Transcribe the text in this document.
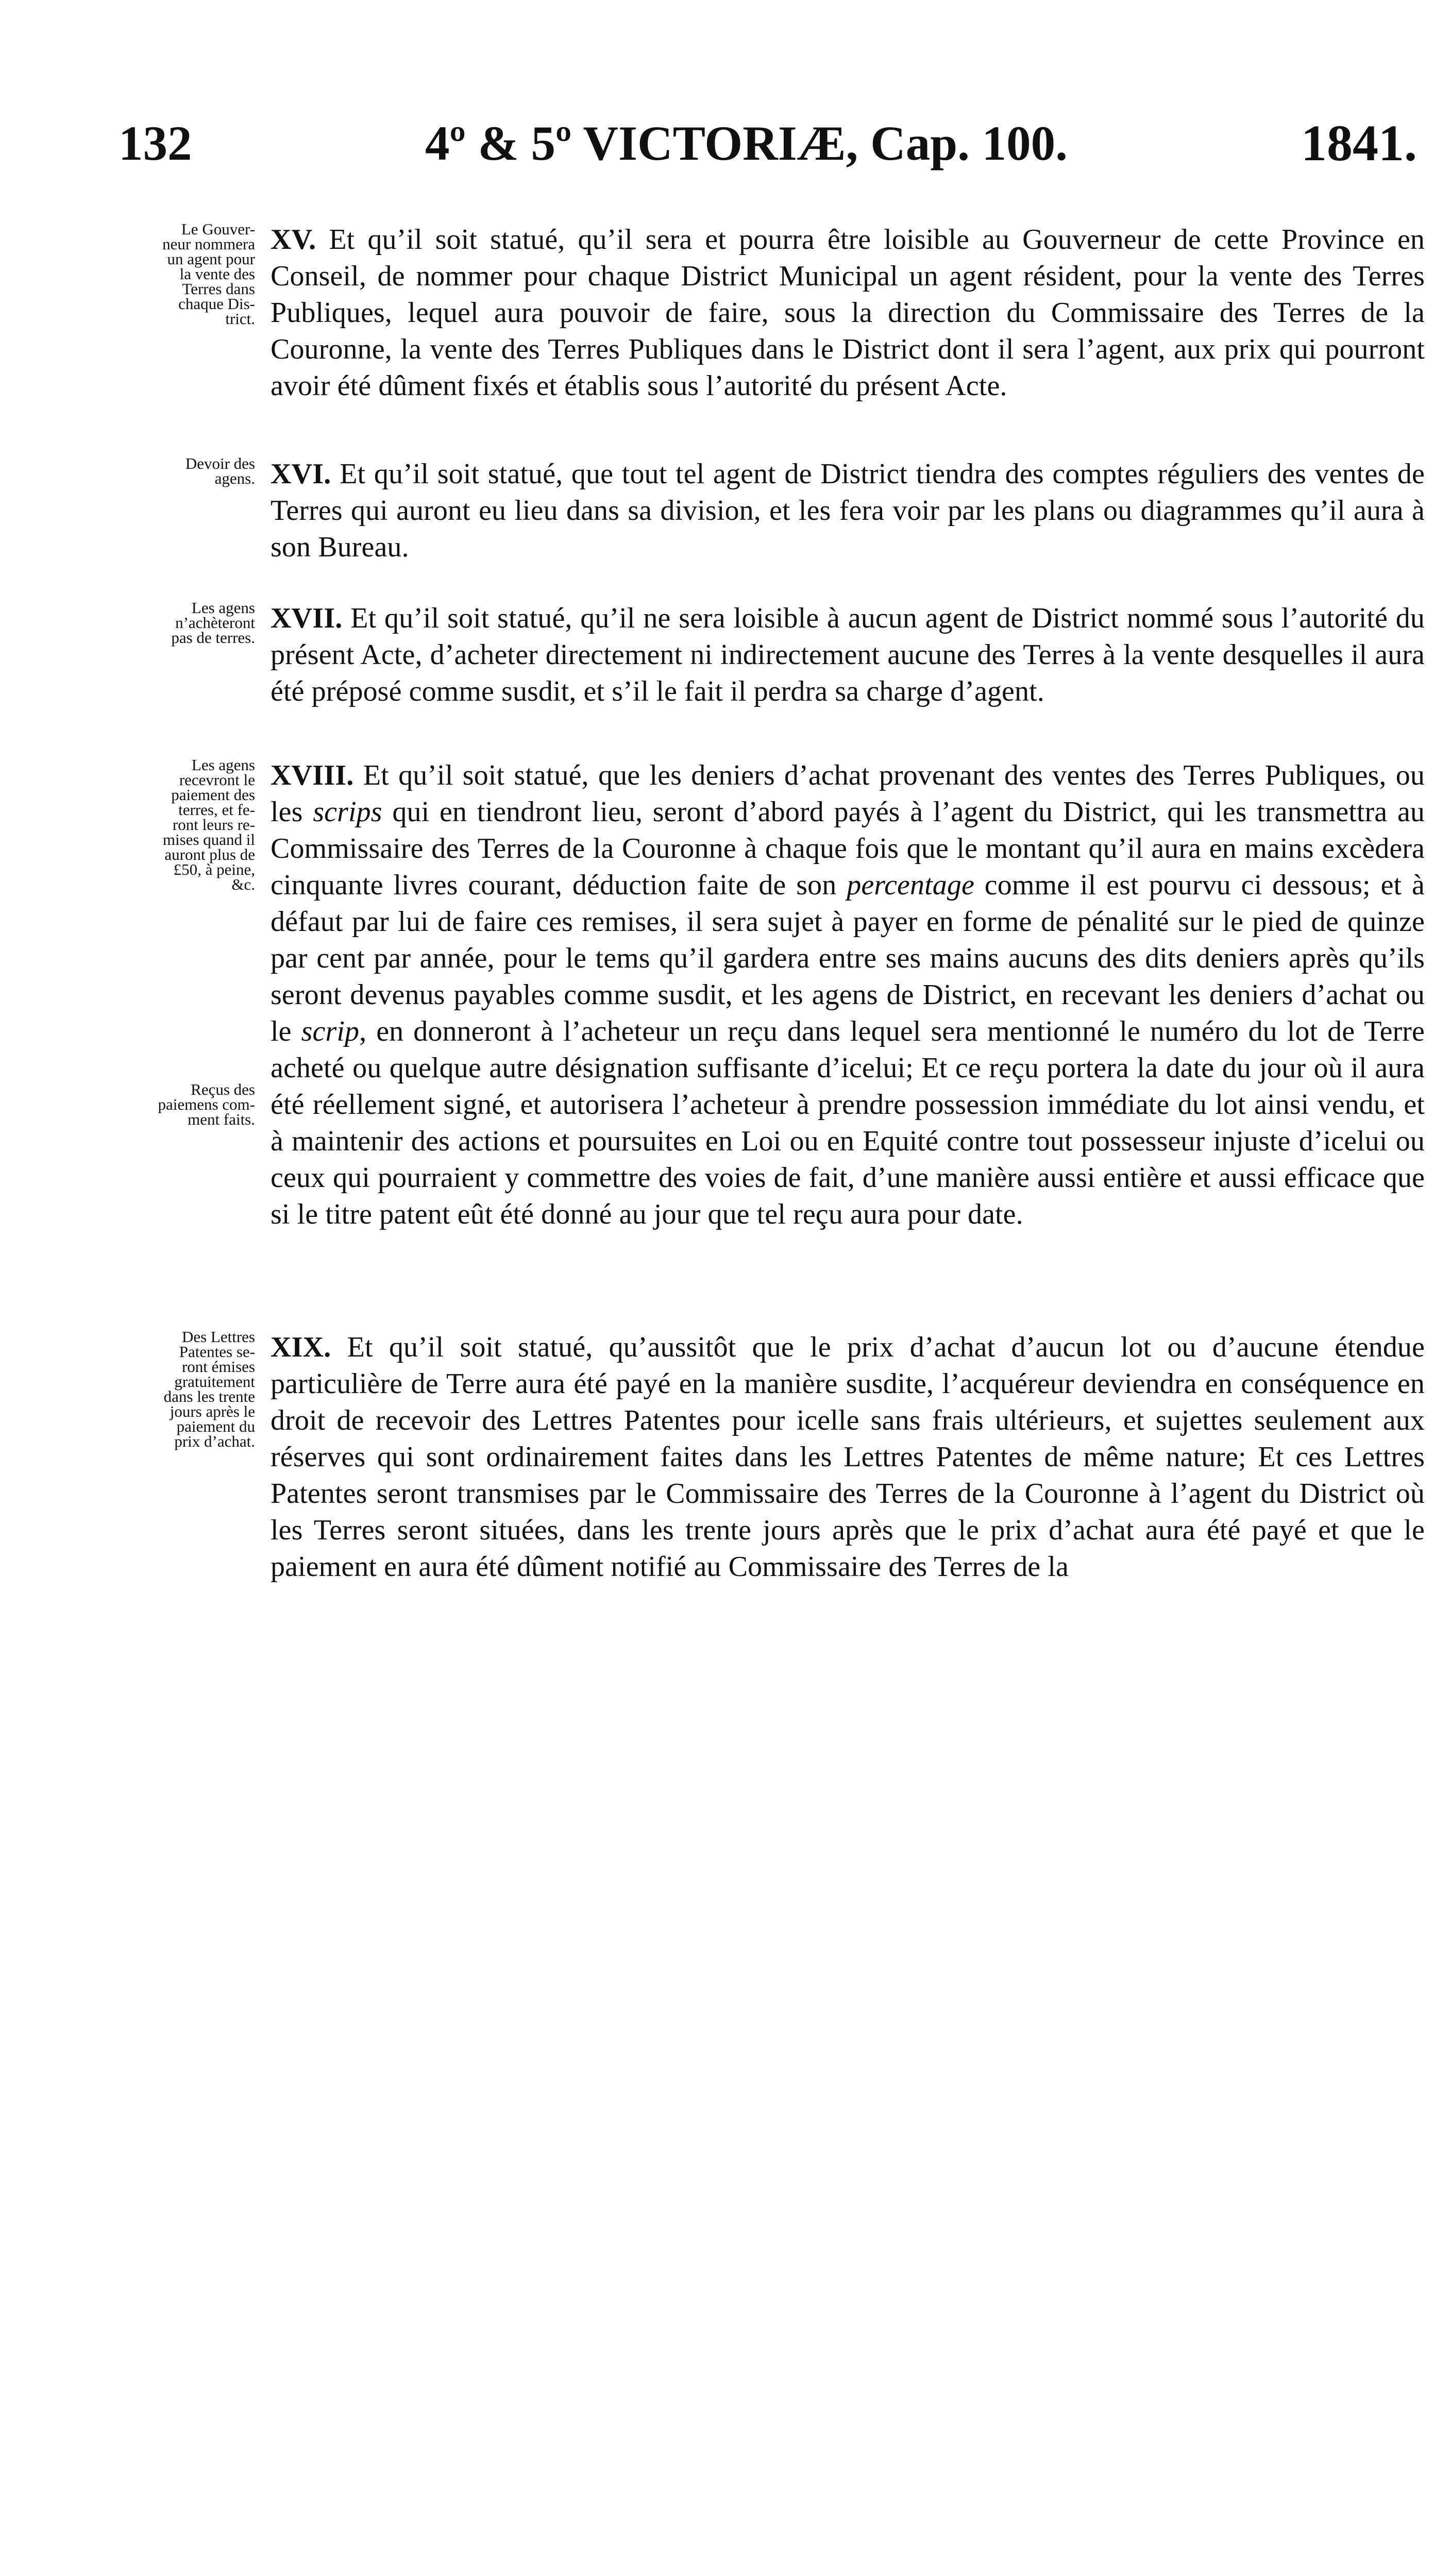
132	4º & 5º VICTORIÆ, Cap. 100.	1841.
Le Gouver-
neur nommera
un agent pour
la vente des
Terres dans
chaque Dis-
trict.
XV. Et qu’il soit statué, qu’il sera et pourra être loisible au Gouverneur de cette Province en Conseil, de nommer pour chaque District Municipal un agent résident, pour la vente des Terres Publiques, lequel aura pouvoir de faire, sous la direction du Commissaire des Terres de la Couronne, la vente des Terres Publiques dans le District dont il sera l’agent, aux prix qui pourront avoir été dûment fixés et établis sous l’autorité du présent Acte.
Devoir des
agens. XVI. Et qu’il soit statué, que tout tel agent de District tiendra des comptes réguliers des ventes de Terres qui auront eu lieu dans sa division, et les fera voir par les plans ou diagrammes qu’il aura à son Bureau.
Les agens
n’achèteront
pas de terres.
XVII. Et qu’il soit statué, qu’il ne sera loisible à aucun agent de District nommé sous l’autorité du présent Acte, d’acheter directement ni indirectement aucune des Terres à la vente desquelles il aura été préposé comme susdit, et s’il le fait il perdra sa charge d’agent.
Les agens
recevront le
paiement des
terres, et fe-
ront leurs re-
mises quand il
auront plus de
£50, à peine,
&c.
Reçus des
paiemens com-
ment faits.
XVIII. Et qu’il soit statué, que les deniers d’achat provenant des ventes des Terres Publiques, ou les scrips qui en tiendront lieu, seront d’abord payés à l’agent du District, qui les transmettra au Commissaire des Terres de la Couronne à chaque fois que le montant qu’il aura en mains excèdera cinquante livres courant, déduction faite de son percentage comme il est pourvu ci dessous; et à défaut par lui de faire ces remises, il sera sujet à payer en forme de pénalité sur le pied de quinze par cent par année, pour le tems qu’il gardera entre ses mains aucuns des dits deniers après qu’ils seront devenus payables comme susdit, et les agens de District, en recevant les deniers d’achat ou le scrip, en donneront à l’acheteur un reçu dans lequel sera mentionné le numéro du lot de Terre acheté ou quelque autre désignation suffisante d’icelui; Et ce reçu portera la date du jour où il aura été réellement signé, et autorisera l’acheteur à prendre possession immédiate du lot ainsi vendu, et à maintenir des actions et poursuites en Loi ou en Equité contre tout possesseur injuste d’icelui ou ceux qui pourraient y commettre des voies de fait, d’une manière aussi entière et aussi efficace que si le titre patent eût été donné au jour que tel reçu aura pour date.
Des Lettres
Patentes se-
ront émises
gratuitement
dans les trente
jours après le
paiement du
prix d’achat.
XIX. Et qu’il soit statué, qu’aussitôt que le prix d’achat d’aucun lot ou d’aucune étendue particulière de Terre aura été payé en la manière susdite, l’acquéreur deviendra en conséquence en droit de recevoir des Lettres Patentes pour icelle sans frais ultérieurs, et sujettes seulement aux réserves qui sont ordinairement faites dans les Lettres Patentes de même nature; Et ces Lettres Patentes seront transmises par le Commissaire des Terres de la Couronne à l’agent du District où les Terres seront situées, dans les trente jours après que le prix d’achat aura été payé et que le paiement en aura été dûment notifié au Commissaire des Terres de la
